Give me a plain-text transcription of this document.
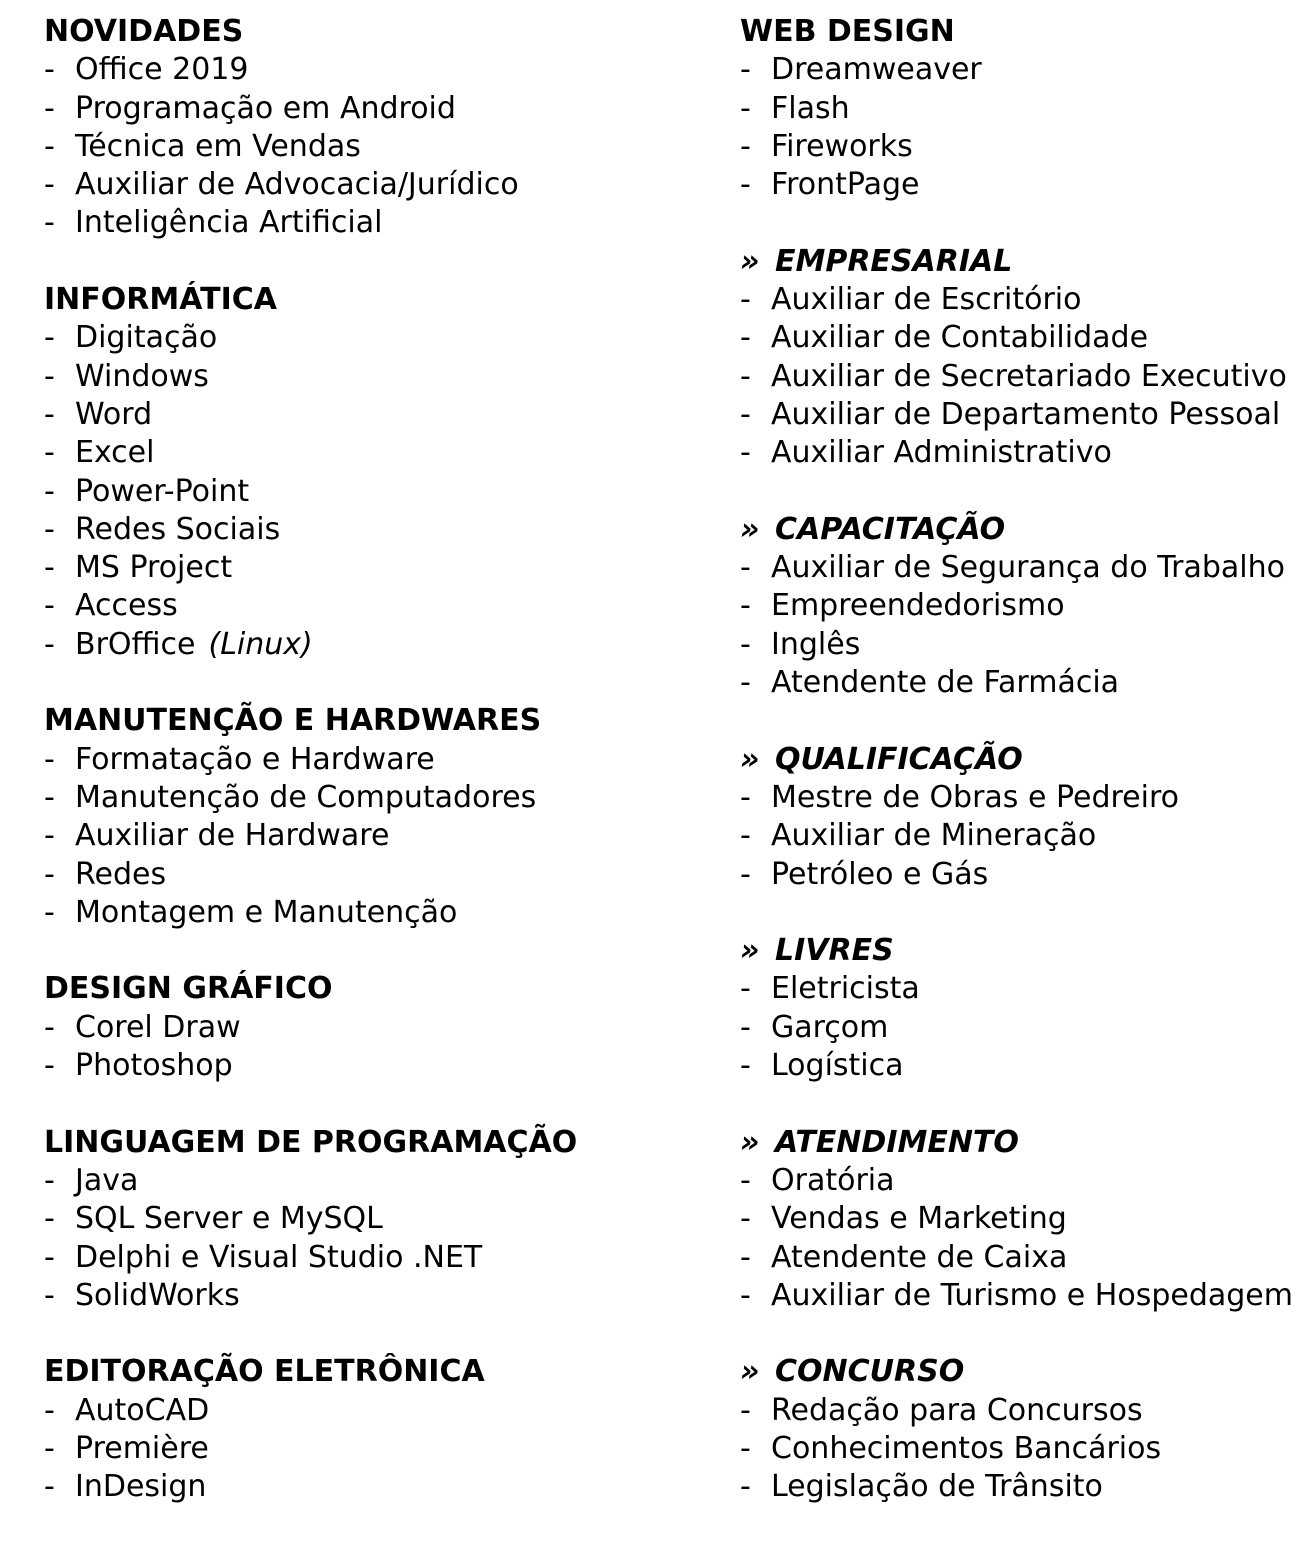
NOVIDADES
- Office 2019
- Programação em Android
- Técnica em Vendas
- Auxiliar de Advocacia/Jurídico
- Inteligência Artificial
INFORMÁTICA
- Digitação
- Windows
- Word
- Excel
- Power-Point
- Redes Sociais
- MS Project
- Access
- BrOffice (Linux)
MANUTENÇÃO E HARDWARES
- Formatação e Hardware
- Manutenção de Computadores
- Auxiliar de Hardware
- Redes
- Montagem e Manutenção
DESIGN GRÁFICO
- Corel Draw
- Photoshop
LINGUAGEM DE PROGRAMAÇÃO
- Java
- SQL Server e MySQL
- Delphi e Visual Studio .NET
- SolidWorks
EDITORAÇÃO ELETRÔNICA
- AutoCAD
- Première
- InDesign
WEB DESIGN
- Dreamweaver
- Flash
- Fireworks
- FrontPage
» EMPRESARIAL
- Auxiliar de Escritório
- Auxiliar de Contabilidade
- Auxiliar de Secretariado Executivo
- Auxiliar de Departamento Pessoal
- Auxiliar Administrativo
» CAPACITAÇÃO
- Auxiliar de Segurança do Trabalho
- Empreendedorismo
- Inglês
- Atendente de Farmácia
» QUALIFICAÇÃO
- Mestre de Obras e Pedreiro
- Auxiliar de Mineração
- Petróleo e Gás
» LIVRES
- Eletricista
- Garçom
- Logística
» ATENDIMENTO
- Oratória
- Vendas e Marketing
- Atendente de Caixa
- Auxiliar de Turismo e Hospedagem
» CONCURSO
- Redação para Concursos
- Conhecimentos Bancários
- Legislação de Trânsito
